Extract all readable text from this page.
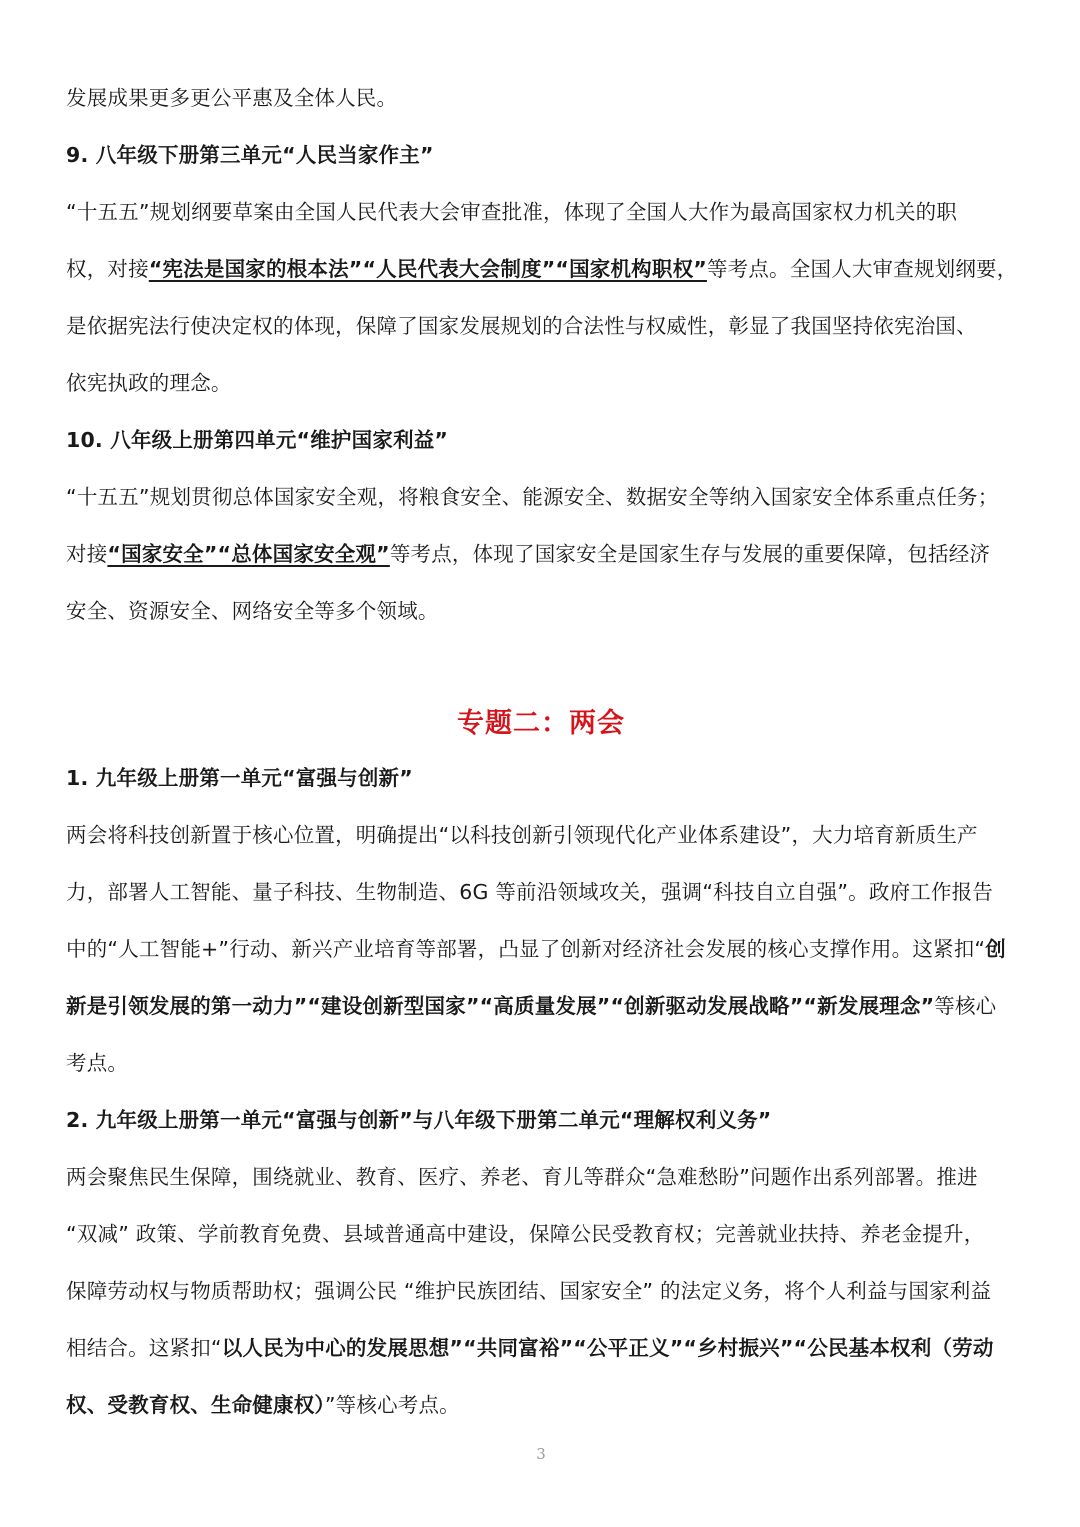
发展成果更多更公平惠及全体人民。
9. 八年级下册第三单元“人民当家作主”
“十五五”规划纲要草案由全国人民代表大会审查批准，体现了全国人大作为最高国家权力机关的职
权，对接“宪法是国家的根本法”“人民代表大会制度”“国家机构职权”等考点。全国人大审查规划纲要，
是依据宪法行使决定权的体现，保障了国家发展规划的合法性与权威性，彰显了我国坚持依宪治国、
依宪执政的理念。
10. 八年级上册第四单元“维护国家利益”
“十五五”规划贯彻总体国家安全观，将粮食安全、能源安全、数据安全等纳入国家安全体系重点任务；
对接“国家安全”“总体国家安全观”等考点，体现了国家安全是国家生存与发展的重要保障，包括经济
安全、资源安全、网络安全等多个领域。
专题二：两会
1. 九年级上册第一单元“富强与创新”
两会将科技创新置于核心位置，明确提出“以科技创新引领现代化产业体系建设”，大力培育新质生产
力，部署人工智能、量子科技、生物制造、6G 等前沿领域攻关，强调“科技自立自强”。政府工作报告
中的“人工智能+”行动、新兴产业培育等部署，凸显了创新对经济社会发展的核心支撑作用。这紧扣“创
新是引领发展的第一动力”“建设创新型国家”“高质量发展”“创新驱动发展战略”“新发展理念”等核心
考点。
2. 九年级上册第一单元“富强与创新”与八年级下册第二单元“理解权利义务”
两会聚焦民生保障，围绕就业、教育、医疗、养老、育儿等群众“急难愁盼”问题作出系列部署。推进
“双减” 政策、学前教育免费、县域普通高中建设，保障公民受教育权；完善就业扶持、养老金提升，
保障劳动权与物质帮助权；强调公民 “维护民族团结、国家安全” 的法定义务，将个人利益与国家利益
相结合。这紧扣“以人民为中心的发展思想”“共同富裕”“公平正义”“乡村振兴”“公民基本权利（劳动
权、受教育权、生命健康权）”等核心考点。
3
